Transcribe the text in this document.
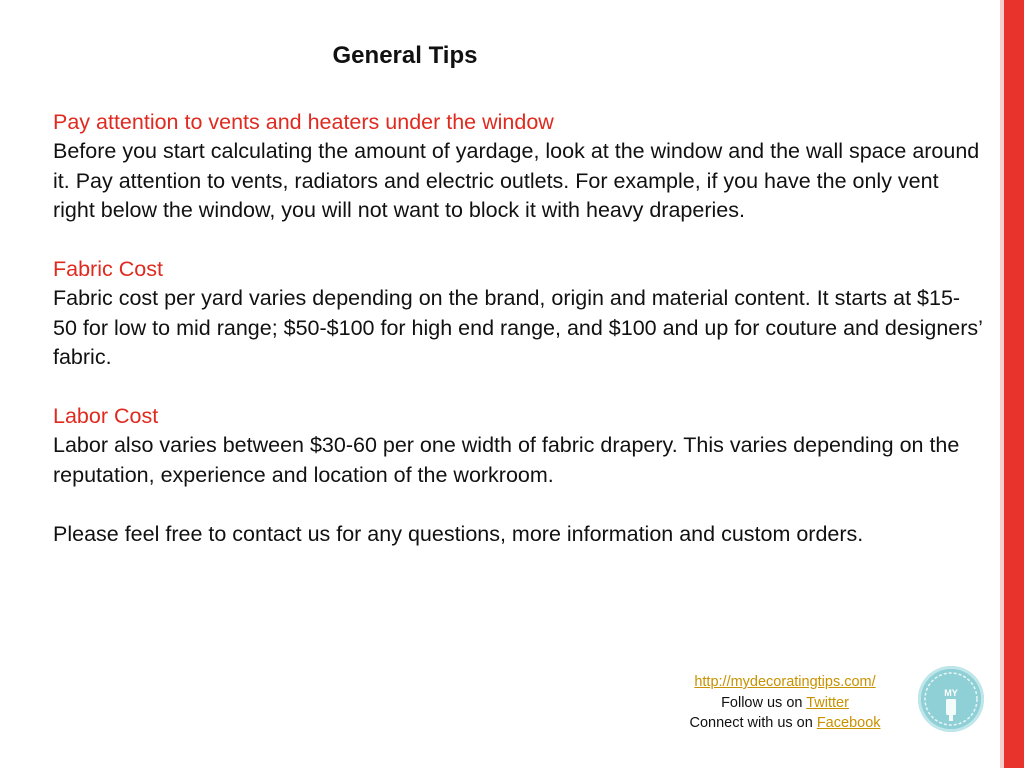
General Tips
Pay attention to vents and heaters under the window
Before you start calculating the amount of yardage, look at the window and the wall space around it. Pay attention to vents, radiators and electric outlets. For example, if you have the only vent right below the window, you will not want to block it with heavy draperies.
Fabric Cost
Fabric cost per yard varies depending on the brand, origin and material content. It starts at $15-50 for low to mid range; $50-$100 for high end range, and $100 and up for couture and designers’ fabric.
Labor Cost
Labor also varies between $30-60 per one width of fabric drapery. This varies depending on the reputation, experience and location of the workroom.
Please feel free to contact us for any questions, more information and custom orders.
http://mydecoratingtips.com/
Follow us on Twitter
Connect with us on Facebook
MY
